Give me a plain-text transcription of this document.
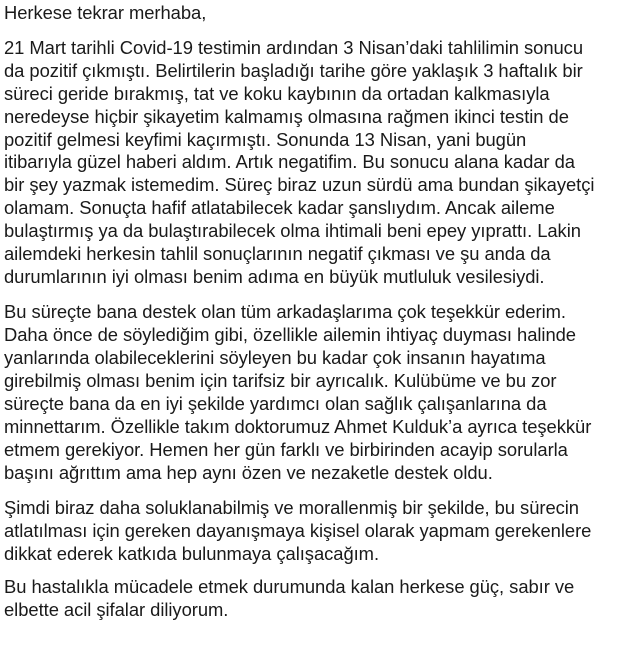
Herkese tekrar merhaba,

21 Mart tarihli Covid-19 testimin ardından 3 Nisan’daki tahlilimin sonucu
da pozitif çıkmıştı. Belirtilerin başladığı tarihe göre yaklaşık 3 haftalık bir
süreci geride bırakmış, tat ve koku kaybının da ortadan kalkmasıyla
neredeyse hiçbir şikayetim kalmamış olmasına rağmen ikinci testin de
pozitif gelmesi keyfimi kaçırmıştı. Sonunda 13 Nisan, yani bugün
itibarıyla güzel haberi aldım. Artık negatifim. Bu sonucu alana kadar da
bir şey yazmak istemedim. Süreç biraz uzun sürdü ama bundan şikayetçi
olamam. Sonuçta hafif atlatabilecek kadar şanslıydım. Ancak aileme
bulaştırmış ya da bulaştırabilecek olma ihtimali beni epey yıprattı. Lakin
ailemdeki herkesin tahlil sonuçlarının negatif çıkması ve şu anda da
durumlarının iyi olması benim adıma en büyük mutluluk vesilesiydi.

Bu süreçte bana destek olan tüm arkadaşlarıma çok teşekkür ederim.
Daha önce de söylediğim gibi, özellikle ailemin ihtiyaç duyması halinde
yanlarında olabileceklerini söyleyen bu kadar çok insanın hayatıma
girebilmiş olması benim için tarifsiz bir ayrıcalık. Kulübüme ve bu zor
süreçte bana da en iyi şekilde yardımcı olan sağlık çalışanlarına da
minnettarım. Özellikle takım doktorumuz Ahmet Kulduk’a ayrıca teşekkür
etmem gerekiyor. Hemen her gün farklı ve birbirinden acayip sorularla
başını ağrıttım ama hep aynı özen ve nezaketle destek oldu.

Şimdi biraz daha soluklanabilmiş ve morallenmiş bir şekilde, bu sürecin
atlatılması için gereken dayanışmaya kişisel olarak yapmam gerekenlere
dikkat ederek katkıda bulunmaya çalışacağım.

Bu hastalıkla mücadele etmek durumunda kalan herkese güç, sabır ve
elbette acil şifalar diliyorum.
